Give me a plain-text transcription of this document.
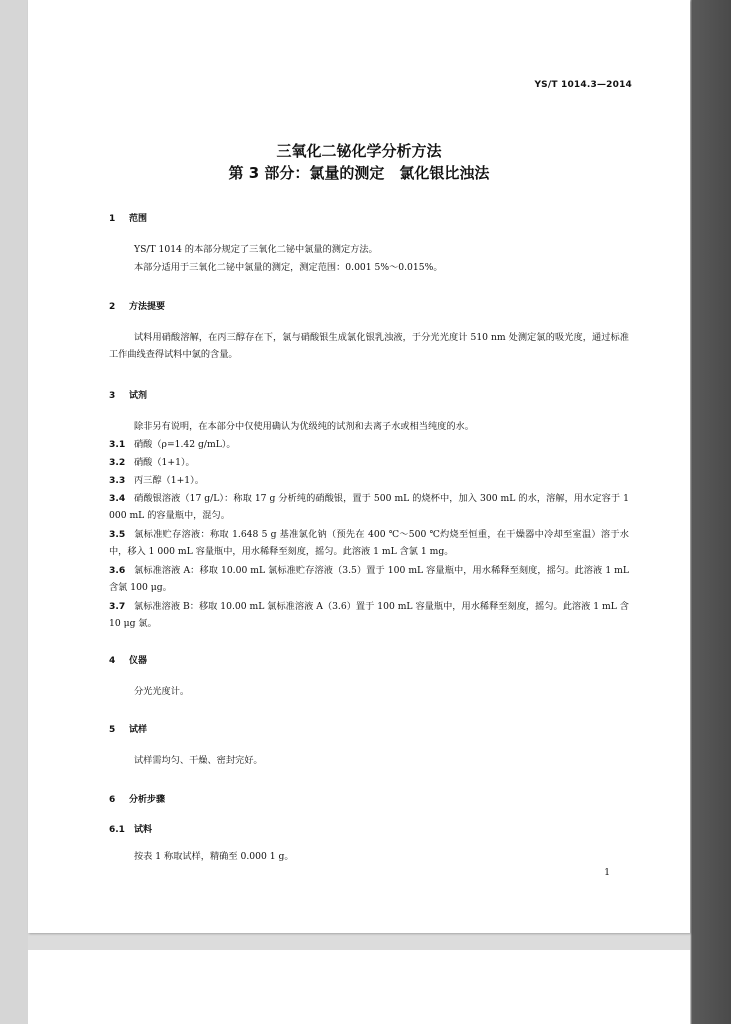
YS/T 1014.3—2014
三氧化二铋化学分析方法
第 3 部分：氯量的测定　氯化银比浊法
1 范围
YS/T 1014 的本部分规定了三氧化二铋中氯量的测定方法。
本部分适用于三氧化二铋中氯量的测定，测定范围：0.001 5%～0.015%。
2 方法提要
试料用硝酸溶解，在丙三醇存在下，氯与硝酸银生成氯化银乳浊液，于分光光度计 510 nm 处测定氯的吸光度，通过标准工作曲线查得试料中氯的含量。
3 试剂
除非另有说明，在本部分中仅使用确认为优级纯的试剂和去离子水或相当纯度的水。
3.1 硝酸（ρ=1.42 g/mL）。
3.2 硝酸（1+1）。
3.3 丙三醇（1+1）。
3.4 硝酸银溶液（17 g/L）：称取 17 g 分析纯的硝酸银，置于 500 mL 的烧杯中，加入 300 mL 的水，溶解，用水定容于 1 000 mL 的容量瓶中，混匀。
3.5 氯标准贮存溶液：称取 1.648 5 g 基准氯化钠（预先在 400 ℃～500 ℃灼烧至恒重，在干燥器中冷却至室温）溶于水中，移入 1 000 mL 容量瓶中，用水稀释至刻度，摇匀。此溶液 1 mL 含氯 1 mg。
3.6 氯标准溶液 A：移取 10.00 mL 氯标准贮存溶液（3.5）置于 100 mL 容量瓶中，用水稀释至刻度，摇匀。此溶液 1 mL 含氯 100 μg。
3.7 氯标准溶液 B：移取 10.00 mL 氯标准溶液 A（3.6）置于 100 mL 容量瓶中，用水稀释至刻度，摇匀。此溶液 1 mL 含 10 μg 氯。
4 仪器
分光光度计。
5 试样
试样需均匀、干燥、密封完好。
6 分析步骤
6.1 试料
按表 1 称取试样，精确至 0.000 1 g。
1
